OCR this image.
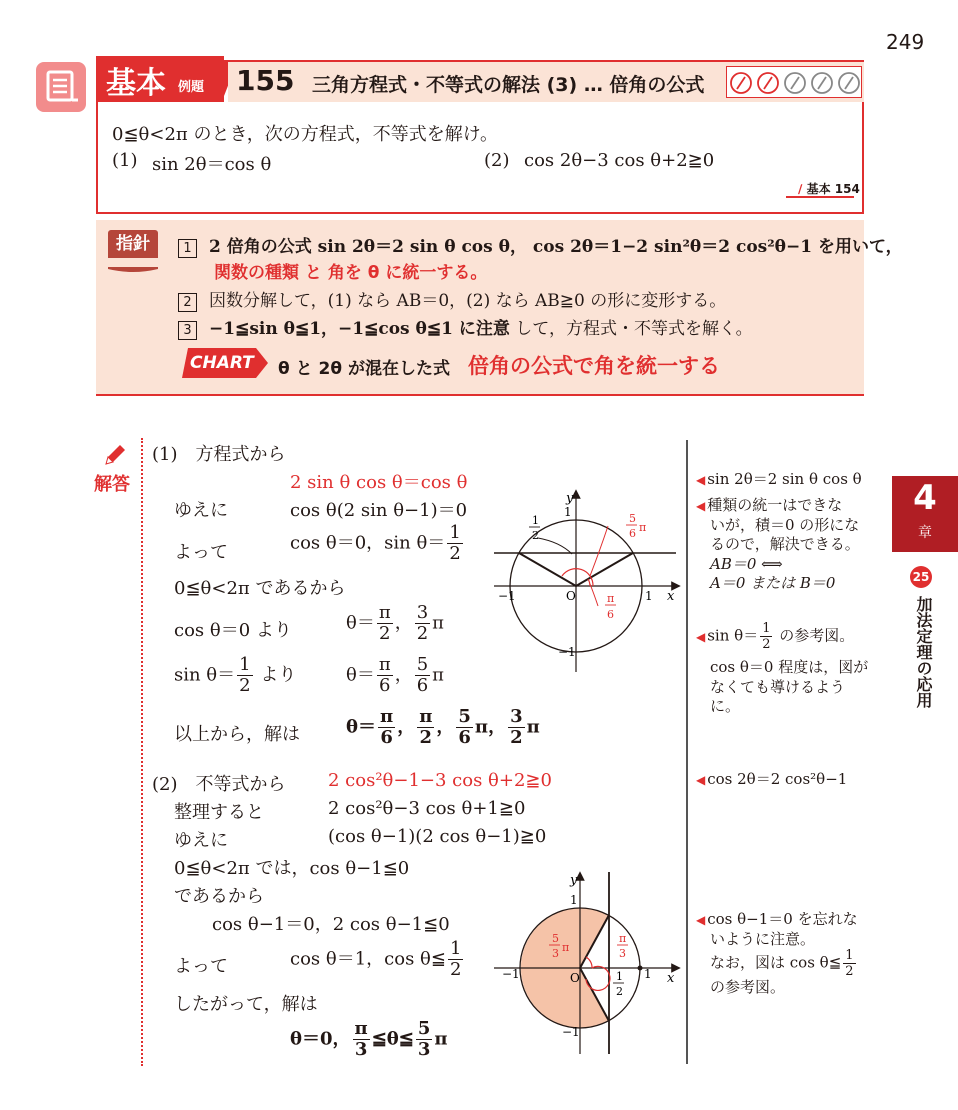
249
基本 例題 155 三角方程式・不等式の解法 (3) … 倍角の公式
0≦θ<2π のとき，次の方程式，不等式を解け。
(1) sin 2θ＝cos θ	(2) cos 2θ−3 cos θ+2≧0
∕ 基本 154
指針	1 2 倍角の公式 sin 2θ＝2 sin θ cos θ， cos 2θ＝1−2 sin²θ＝2 cos²θ−1 を用いて，
関数の種類 と 角を θ に統一する。
2 因数分解して，(1) なら AB＝0，(2) なら AB≧0 の形に変形する。
3 −1≦sin θ≦1，−1≦cos θ≦1 に注意 して，方程式・不等式を解く。
CHART θ と 2θ が混在した式 倍角の公式で角を統一する
解答
(1)　方程式から
2 sin θ cos θ＝cos θ
ゆえに	cos θ(2 sin θ−1)＝0
よって	cos θ＝0，$\sin \theta= \frac{1}{2}$
0≦θ<2π であるから
cos θ＝0 より	$\theta= \frac{\pi}{2}$ ， $\frac{3}{2}$ π
$\sin \theta= \frac{1}{2}$ より	$\theta= \frac{\pi}{6}$ ， $\frac{5}{6}$ π
以上から，解は	$\theta= \frac{\pi}{6}$ ， $\frac{\pi}{2}$ ， $\frac{5}{6}$ π， $\frac{3}{2}$ π
(2)　不等式から 2 cos²θ−1−3 cos θ+2≧0
整理すると	2 cos²θ−3 cos θ+1≧0
ゆえに	(cos θ−1)(2 cos θ−1)≧0
0≦θ<2π では，cos θ−1≦0
であるから
cos θ−1＝0，2 cos θ−1≦0
よって	cos θ＝1，cos θ≦ $\frac{1}{2}$
したがって，解は
θ＝0， $\frac{\pi}{3}$ ≦θ≦ $\frac{5}{3}$ π
y
x
1
−1	O	1
−1
1
2
5
6 π
π
6
y
x
1
−1	O	1
−1
5
3 π
π
3
1
2
◀ sin 2θ＝2 sin θ cos θ
◀ 種類の統一はできな
いが，積＝0 の形にな
るので，解決できる。
AB＝0 ⟺
A＝0 または B＝0
◀ $\sin \theta= \frac{1}{2}$ の参考図。
cos θ＝0 程度は，図が
なくても導けるよう
に。
◀ cos 2θ＝2 cos²θ−1
◀ cos θ−1＝0 を忘れな
いように注意。
なお，図は cos θ≦ $\frac{1}{2}$
の参考図。
4
章
25
加法定理の応用
